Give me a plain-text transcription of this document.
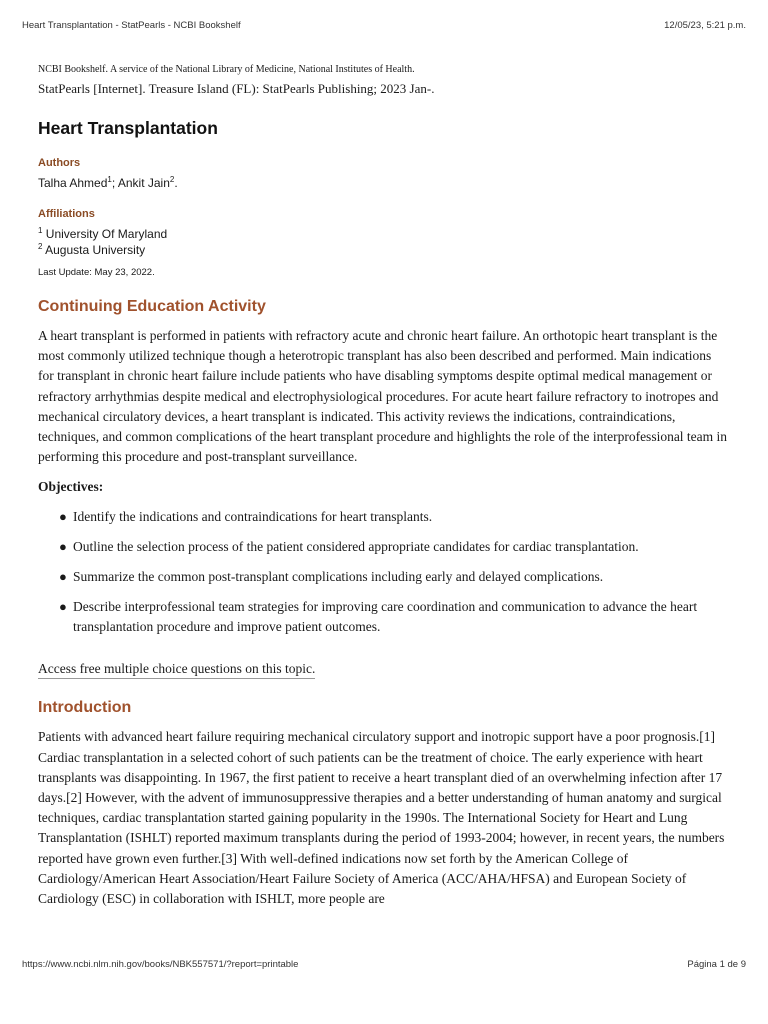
Heart Transplantation - StatPearls - NCBI Bookshelf	12/05/23, 5:21 p.m.
NCBI Bookshelf. A service of the National Library of Medicine, National Institutes of Health.
StatPearls [Internet]. Treasure Island (FL): StatPearls Publishing; 2023 Jan-.
Heart Transplantation
Authors
Talha Ahmed$^1$; Ankit Jain$^2$.
Affiliations
$^1$ University Of Maryland
$^2$ Augusta University
Last Update: May 23, 2022.
Continuing Education Activity
A heart transplant is performed in patients with refractory acute and chronic heart failure. An orthotopic heart transplant is the most commonly utilized technique though a heterotropic transplant has also been described and performed. Main indications for transplant in chronic heart failure include patients who have disabling symptoms despite optimal medical management or refractory arrhythmias despite medical and electrophysiological procedures. For acute heart failure refractory to inotropes and mechanical circulatory devices, a heart transplant is indicated. This activity reviews the indications, contraindications, techniques, and common complications of the heart transplant procedure and highlights the role of the interprofessional team in performing this procedure and post-transplant surveillance.
Objectives:
● Identify the indications and contraindications for heart transplants.
● Outline the selection process of the patient considered appropriate candidates for cardiac transplantation.
● Summarize the common post-transplant complications including early and delayed complications.
● Describe interprofessional team strategies for improving care coordination and communication to advance the heart transplantation procedure and improve patient outcomes.
Access free multiple choice questions on this topic.
Introduction
Patients with advanced heart failure requiring mechanical circulatory support and inotropic support have a poor prognosis.[1] Cardiac transplantation in a selected cohort of such patients can be the treatment of choice. The early experience with heart transplants was disappointing. In 1967, the first patient to receive a heart transplant died of an overwhelming infection after 17 days.[2] However, with the advent of immunosuppressive therapies and a better understanding of human anatomy and surgical techniques, cardiac transplantation started gaining popularity in the 1990s. The International Society for Heart and Lung Transplantation (ISHLT) reported maximum transplants during the period of 1993-2004; however, in recent years, the numbers reported have grown even further.[3] With well-defined indications now set forth by the American College of Cardiology/American Heart Association/Heart Failure Society of America (ACC/AHA/HFSA) and European Society of Cardiology (ESC) in collaboration with ISHLT, more people are
https://www.ncbi.nlm.nih.gov/books/NBK557571/?report=printable	Página 1 de 9
